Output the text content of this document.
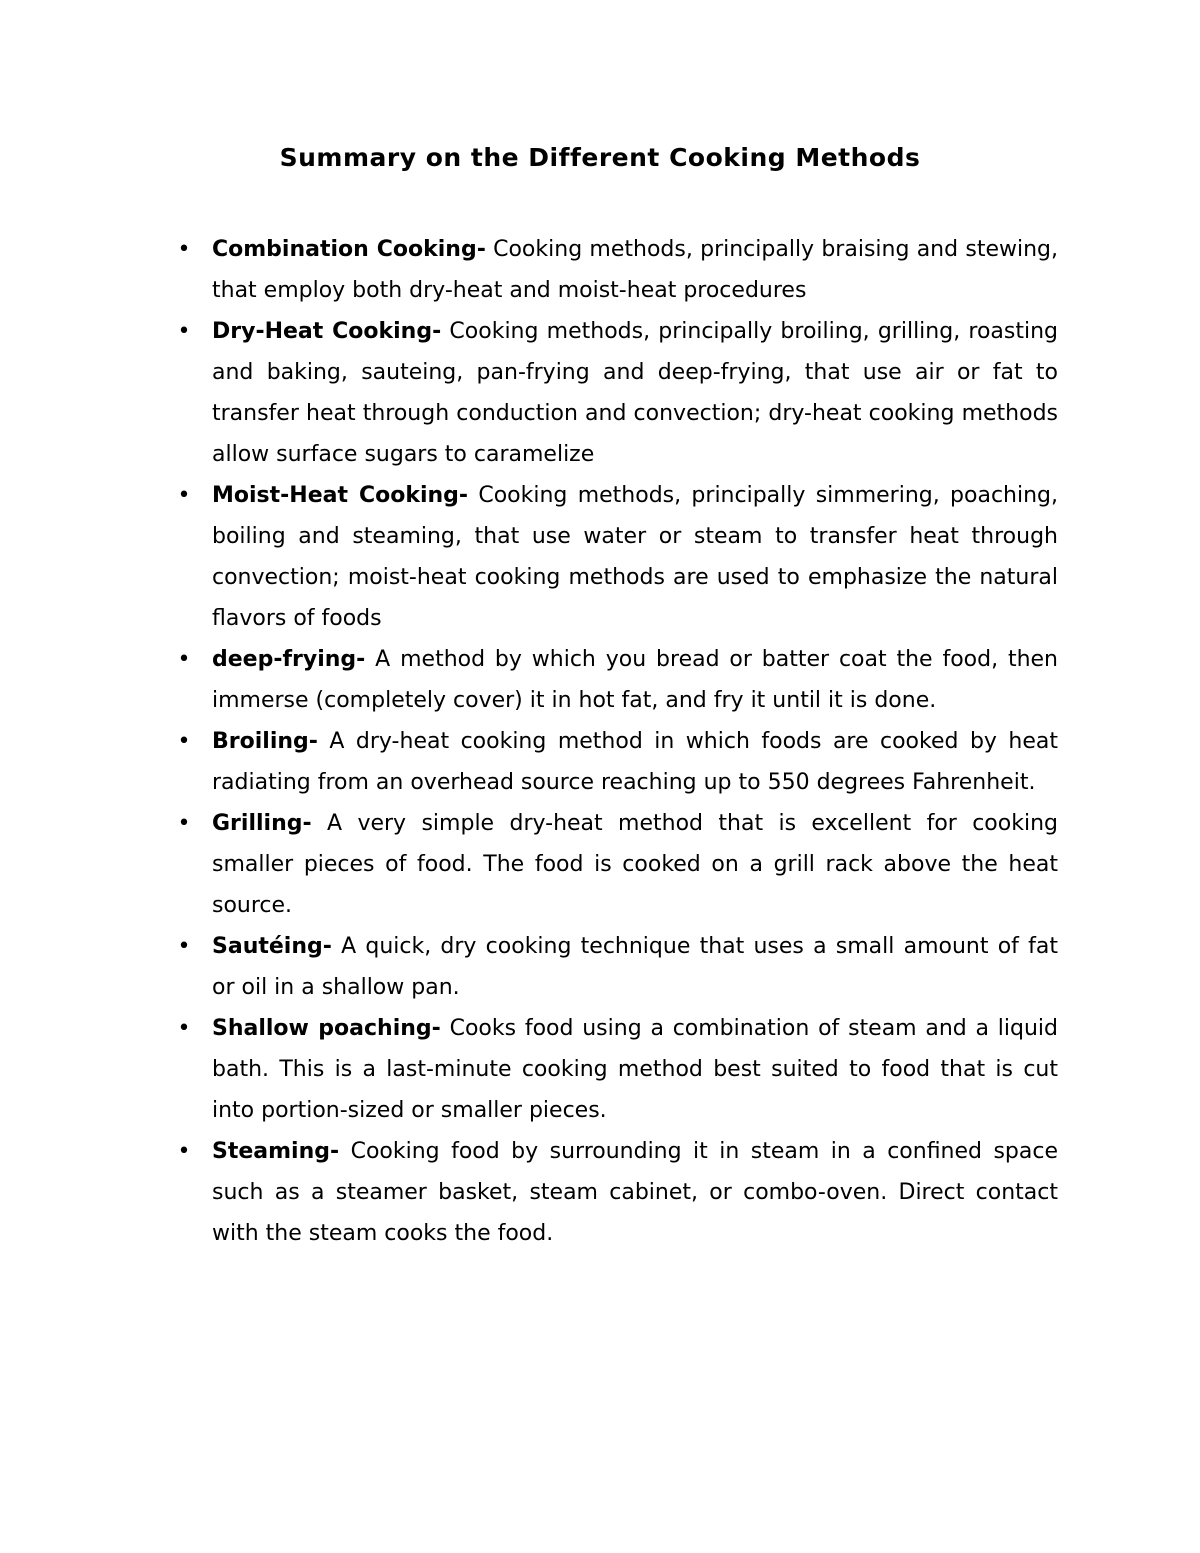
Summary on the Different Cooking Methods
• Combination Cooking- Cooking methods, principally braising and stewing, that employ both dry-heat and moist-heat procedures
• Dry-Heat Cooking- Cooking methods, principally broiling, grilling, roasting and baking, sauteing, pan-frying and deep-frying, that use air or fat to transfer heat through conduction and convection; dry-heat cooking methods allow surface sugars to caramelize
• Moist-Heat Cooking- Cooking methods, principally simmering, poaching, boiling and steaming, that use water or steam to transfer heat through convection; moist-heat cooking methods are used to emphasize the natural flavors of foods
• deep-frying- A method by which you bread or batter coat the food, then immerse (completely cover) it in hot fat, and fry it until it is done.
• Broiling- A dry-heat cooking method in which foods are cooked by heat radiating from an overhead source reaching up to 550 degrees Fahrenheit.
• Grilling- A very simple dry-heat method that is excellent for cooking smaller pieces of food. The food is cooked on a grill rack above the heat source.
• Sautéing- A quick, dry cooking technique that uses a small amount of fat or oil in a shallow pan.
• Shallow poaching- Cooks food using a combination of steam and a liquid bath. This is a last-minute cooking method best suited to food that is cut into portion-sized or smaller pieces.
• Steaming- Cooking food by surrounding it in steam in a confined space such as a steamer basket, steam cabinet, or combo-oven. Direct contact with the steam cooks the food.
